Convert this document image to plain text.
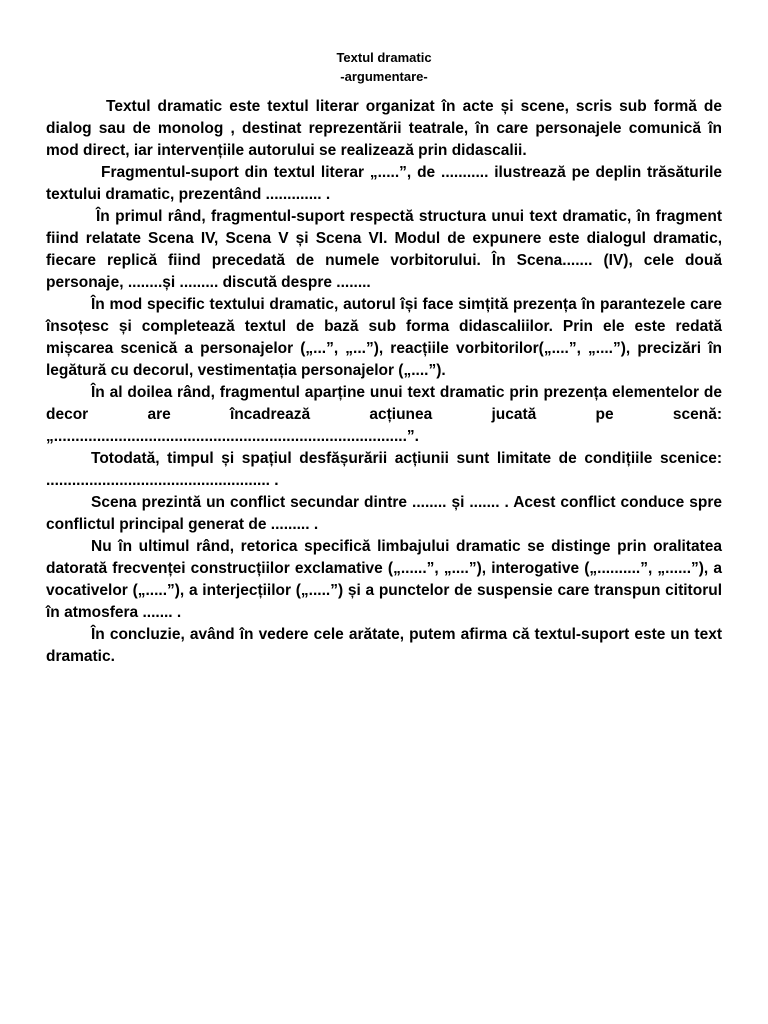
Textul dramatic

-argumentare-

Textul dramatic este textul literar organizat în acte și scene, scris sub formă de dialog sau de monolog , destinat reprezentării teatrale, în care personajele comunică în mod direct, iar intervențiile autorului se realizează prin didascalii.

Fragmentul-suport din textul literar „.....”, de ........... ilustrează pe deplin trăsăturile textului dramatic, prezentând ............. .

În primul rând, fragmentul-suport respectă structura unui text dramatic, în fragment fiind relatate Scena IV, Scena V și Scena VI. Modul de expunere este dialogul dramatic, fiecare replică fiind precedată de numele vorbitorului. În Scena....... (IV), cele două personaje, ........și ......... discută despre ........

În mod specific textului dramatic, autorul își face simțită prezența în parantezele care însoțesc și completează textul de bază sub forma didascaliilor. Prin ele este redată mișcarea scenică a personajelor („...”, „...”), reacțiile vorbitorilor(„....”, „....”), precizări în legătură cu decorul, vestimentația personajelor („....”).

În al doilea rând, fragmentul aparține unui text dramatic prin prezența elementelor de decor are încadrează acțiunea jucată pe scenă: „..................................................................................”.

Totodată, timpul și spațiul desfășurării acțiunii sunt limitate de condițiile scenice: .................................................... .

Scena prezintă un conflict secundar dintre ........ și ....... . Acest conflict conduce spre conflictul principal generat de ......... .

Nu în ultimul rând, retorica specifică limbajului dramatic se distinge prin oralitatea datorată frecvenței construcțiilor exclamative („......”, „....”), interogative („..........”, „......”), a vocativelor („.....”), a interjecțiilor („.....”) și a punctelor de suspensie care transpun cititorul în atmosfera ....... .

În concluzie, având în vedere cele arătate, putem afirma că textul-suport este un text dramatic.
